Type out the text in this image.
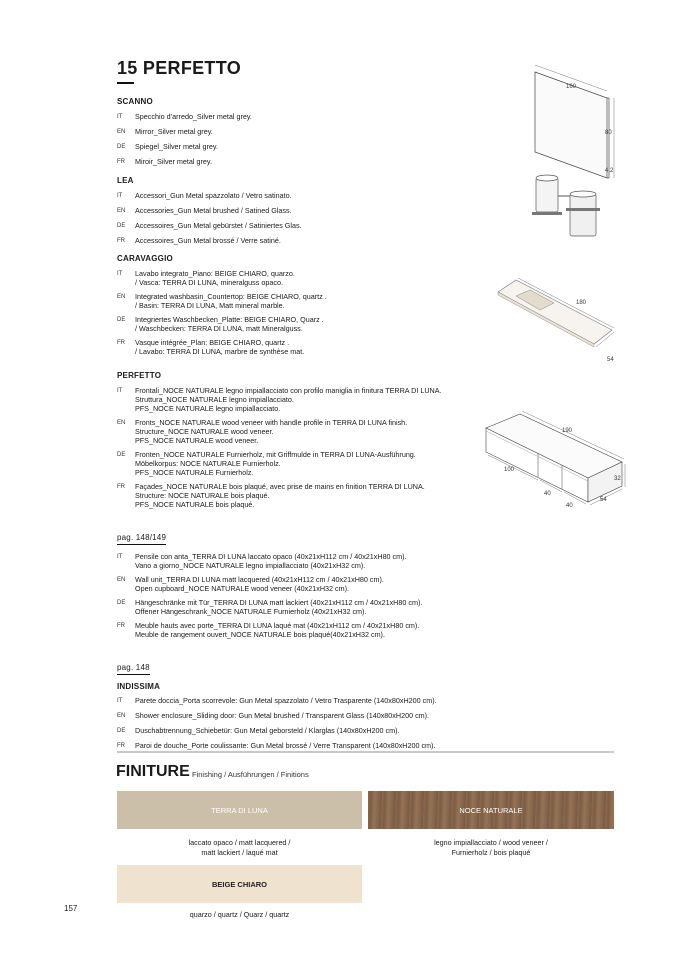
15 PERFETTO
SCANNO
IT	Specchio d’arredo_Silver metal grey.
EN	Mirror_Silver metal grey.
DE	Spiegel_Silver metal grey.
FR	Miroir_Silver metal grey.
LEA
IT	Accessori_Gun Metal spazzolato / Vetro satinato.
EN	Accessories_Gun Metal brushed / Satined Glass.
DE	Accessoires_Gun Metal gebürstet / Satiniertes Glas.
FR	Accessoires_Gun Metal brossé / Verre satiné.
CARAVAGGIO
IT	Lavabo integrato_Piano: BEIGE CHIARO, quarzo.
/ Vasca: TERRA DI LUNA, mineralguss opaco.
EN	Integrated washbasin_Countertop: BEIGE CHIARO, quartz .
/ Basin: TERRA DI LUNA, Matt mineral marble.
DE	Integriertes Waschbecken_Platte: BEIGE CHIARO, Quarz .
/ Waschbecken: TERRA DI LUNA, matt Mineralguss.
FR	Vasque intégrée_Plan: BEIGE CHIARO, quartz .
/ Lavabo: TERRA DI LUNA, marbre de synthèse mat.
PERFETTO
IT	Frontali_NOCE NATURALE legno impiallacciato con profilo maniglia in finitura TERRA DI LUNA.
Struttura_NOCE NATURALE legno impiallacciato.
PFS_NOCE NATURALE legno impiallacciato.
EN	Fronts_NOCE NATURALE wood veneer with handle profile in TERRA DI LUNA finish.
Structure_NOCE NATURALE wood veneer.
PFS_NOCE NATURALE wood veneer.
DE	Fronten_NOCE NATURALE Furnierholz, mit Griffmulde in TERRA DI LUNA-Ausführung.
Möbelkorpus: NOCE NATURALE Furnierholz.
PFS_NOCE NATURALE Furnierholz.
FR	Façades_NOCE NATURALE bois plaqué, avec prise de mains en finition TERRA DI LUNA.
Structure: NOCE NATURALE bois plaqué.
PFS_NOCE NATURALE bois plaqué.
pag. 148/149
IT	Pensile con anta_TERRA DI LUNA laccato opaco (40x21xH112 cm / 40x21xH80 cm).
Vano a giorno_NOCE NATURALE legno impiallacciato (40x21xH32 cm).
EN	Wall unit_TERRA DI LUNA matt lacquered (40x21xH112 cm / 40x21xH80 cm).
Open cupboard_NOCE NATURALE wood veneer (40x21xH32 cm).
DE	Hängeschränke mit Tür_TERRA DI LUNA matt lackiert (40x21xH112 cm / 40x21xH80 cm).
Offener Hängeschrank_NOCE NATURALE Furnierholz (40x21xH32 cm).
FR	Meuble hauts avec porte_TERRA DI LUNA laqué mat (40x21xH112 cm / 40x21xH80 cm).
Meuble de rangement ouvert_NOCE NATURALE bois plaqué(40x21xH32 cm).
pag. 148
INDISSIMA
IT	Parete doccia_Porta scorrevole: Gun Metal spazzolato / Vetro Trasparente (140x80xH200 cm).
EN	Shower enclosure_Sliding door: Gun Metal brushed / Transparent Glass (140x80xH200 cm).
DE	Duschabtrennung_Schiebetür: Gun Metal geborsteld / Klarglas (140x80xH200 cm).
FR	Paroi de douche_Porte coulissante: Gun Metal brossé / Verre Transparent (140x80xH200 cm).
160
80
4,2
180
54
190
32
100
40
40
54
FINITURE Finishing / Ausführungen / Finitions
TERRA DI LUNA	NOCE NATURALE
laccato opaco / matt lacquered /
matt lackiert / laqué mat
legno impiallacciato / wood veneer /
Furnierholz / bois plaqué
BEIGE CHIARO
quarzo / quartz / Quarz / quartz
157
